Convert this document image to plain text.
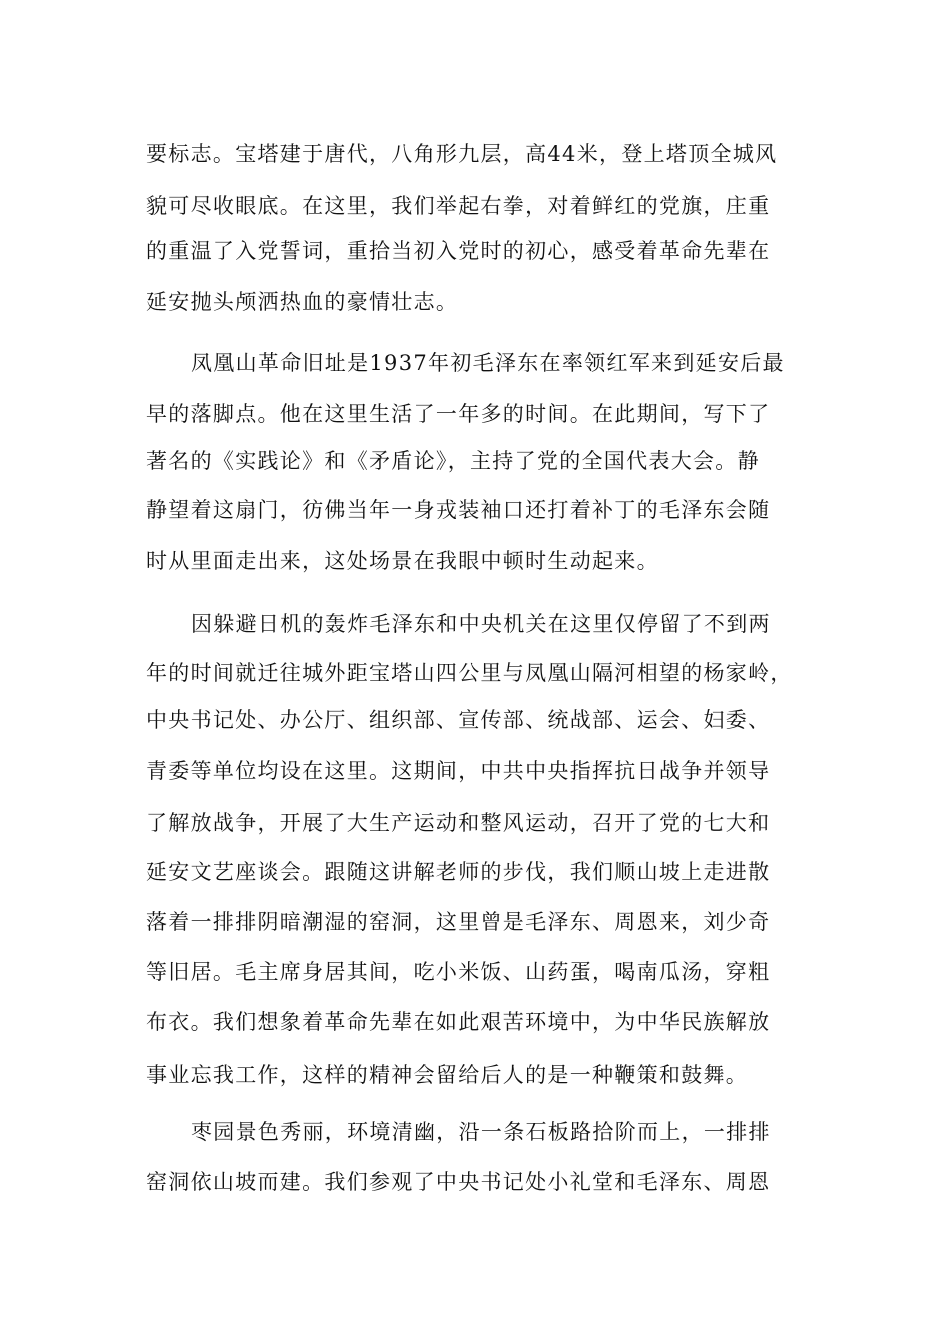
要标志。宝塔建于唐代，八角形九层，高44米，登上塔顶全城风
貌可尽收眼底。在这里，我们举起右拳，对着鲜红的党旗，庄重
的重温了入党誓词，重拾当初入党时的初心，感受着革命先辈在
延安抛头颅洒热血的豪情壮志。
凤凰山革命旧址是1937年初毛泽东在率领红军来到延安后最
早的落脚点。他在这里生活了一年多的时间。在此期间，写下了
著名的《实践论》和《矛盾论》，主持了党的全国代表大会。静
静望着这扇门，彷佛当年一身戎装袖口还打着补丁的毛泽东会随
时从里面走出来，这处场景在我眼中顿时生动起来。
因躲避日机的轰炸毛泽东和中央机关在这里仅停留了不到两
年的时间就迁往城外距宝塔山四公里与凤凰山隔河相望的杨家岭，
中央书记处、办公厅、组织部、宣传部、统战部、运会、妇委、
青委等单位均设在这里。这期间，中共中央指挥抗日战争并领导
了解放战争，开展了大生产运动和整风运动，召开了党的七大和
延安文艺座谈会。跟随这讲解老师的步伐，我们顺山坡上走进散
落着一排排阴暗潮湿的窑洞，这里曾是毛泽东、周恩来，刘少奇
等旧居。毛主席身居其间，吃小米饭、山药蛋，喝南瓜汤，穿粗
布衣。我们想象着革命先辈在如此艰苦环境中，为中华民族解放
事业忘我工作，这样的精神会留给后人的是一种鞭策和鼓舞。
枣园景色秀丽，环境清幽，沿一条石板路拾阶而上，一排排
窑洞依山坡而建。我们参观了中央书记处小礼堂和毛泽东、周恩
